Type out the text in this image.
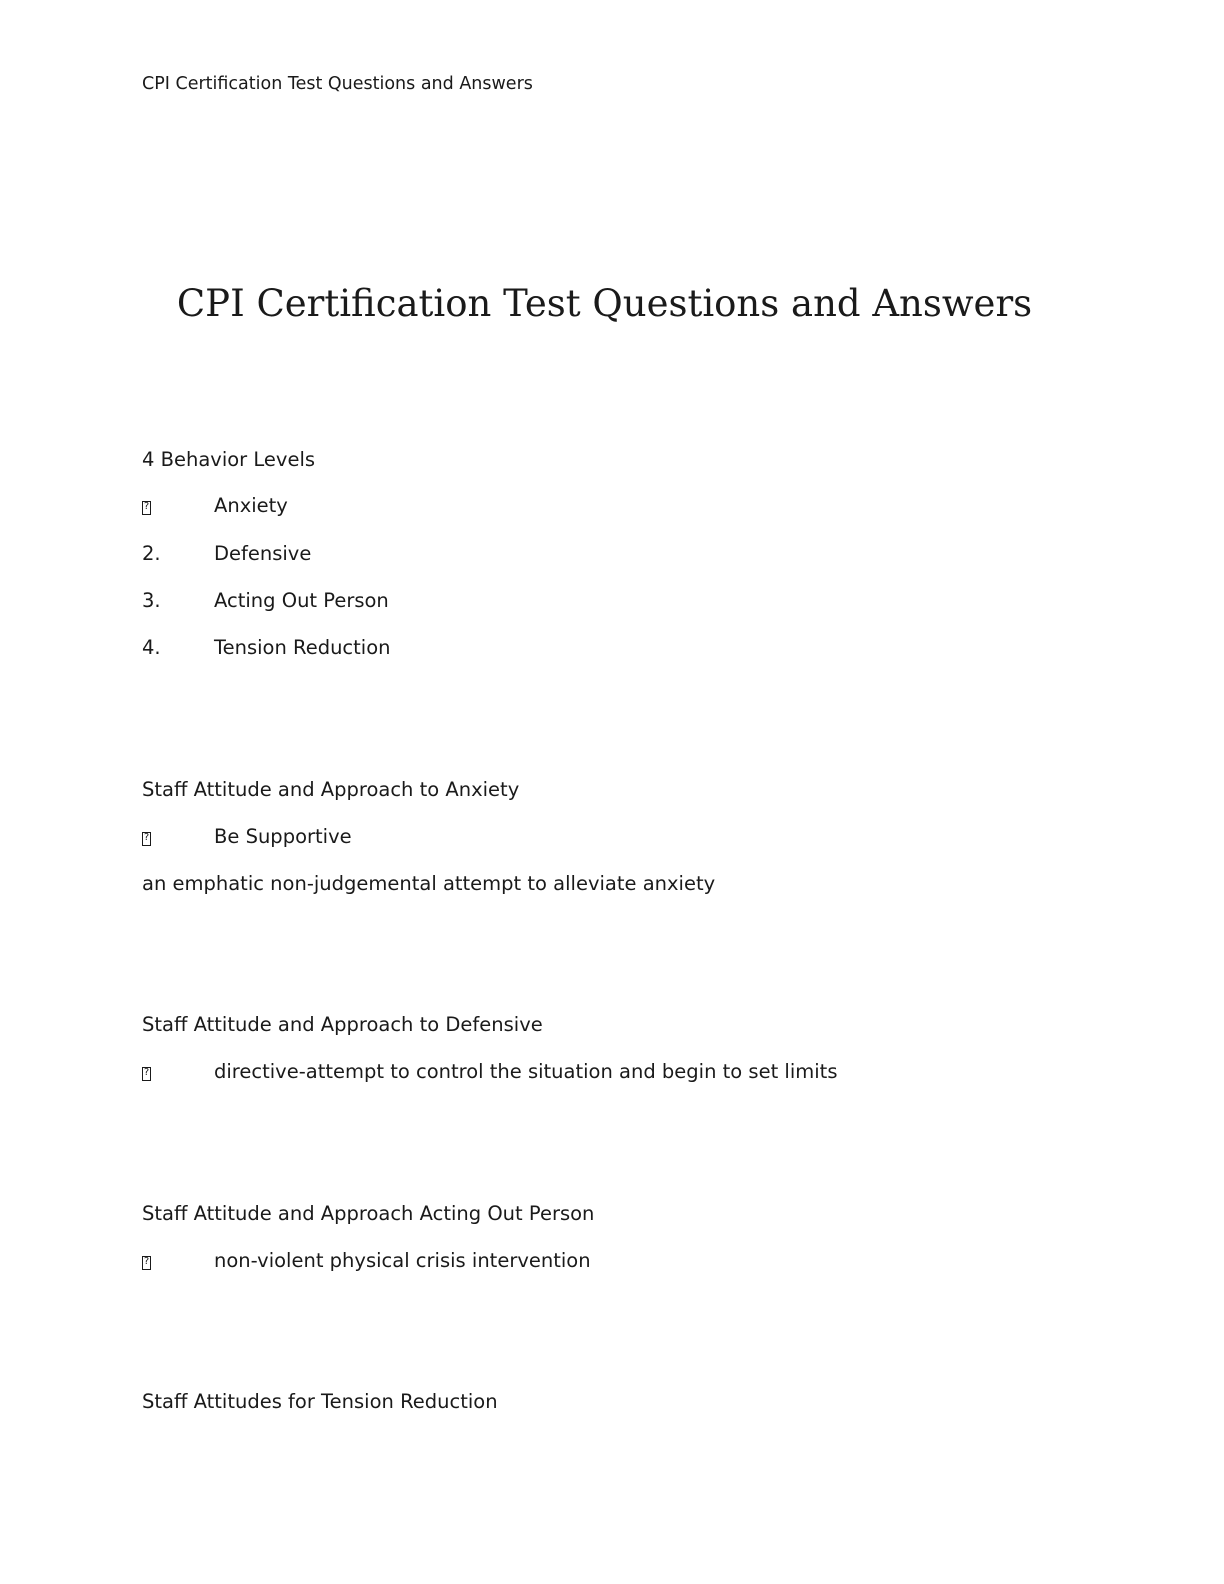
CPI Certification Test Questions and Answers
CPI Certification Test Questions and Answers
4 Behavior Levels
?
Anxiety
2.	Defensive
3.	Acting Out Person
4.	Tension Reduction
Staff Attitude and Approach to Anxiety
?
Be Supportive
an emphatic non-judgemental attempt to alleviate anxiety
Staff Attitude and Approach to Defensive
?
directive-attempt to control the situation and begin to set limits
Staff Attitude and Approach Acting Out Person
?
non-violent physical crisis intervention
Staff Attitudes for Tension Reduction
